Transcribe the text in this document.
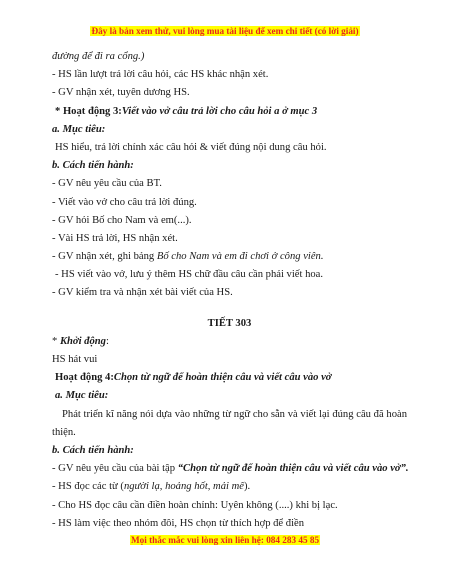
Đây là bản xem thử, vui lòng mua tài liệu để xem chi tiết (có lời giải)
đường để đi ra cổng.)
- HS lần lượt trả lời câu hỏi, các HS khác nhận xét.
- GV nhận xét, tuyên dương HS.
* Hoạt động 3:Viết vào vở câu trả lời cho câu hỏi a ở mục 3
a. Mục tiêu:
HS hiểu, trả lời chính xác câu hỏi & viết đúng nội dung câu hỏi.
b. Cách tiến hành:
- GV nêu yêu cầu của BT.
- Viết vào vở cho câu trả lời đúng.
- GV hỏi Bố cho Nam và em(...).
- Vài HS trả lời, HS nhận xét.
- GV nhận xét, ghi bảng Bố cho Nam và em đi chơi ở công viên.
- HS viết vào vở, lưu ý thêm HS chữ đầu câu cần phải viết hoa.
- GV kiểm tra và nhận xét bài viết của HS.
TIẾT 303
* Khởi động:
HS hát vui
Hoạt động 4:Chọn từ ngữ để hoàn thiện câu và viết câu vào vở
a. Mục tiêu:
Phát triển kĩ năng nói dựa vào những từ ngữ cho sẵn và viết lại đúng câu đã hoàn thiện.
b. Cách tiến hành:
- GV nêu yêu cầu của bài tập “Chọn từ ngữ để hoàn thiện câu và viết câu vào vở”.
- HS đọc các từ (người lạ, hoảng hốt, mải mê).
- Cho HS đọc câu cần điền hoàn chỉnh: Uyên không (....) khi bị lạc.
- HS làm việc theo nhóm đôi, HS chọn từ thích hợp để điền
Mọi thắc mắc vui lòng xin liên hệ: 084 283 45 85
